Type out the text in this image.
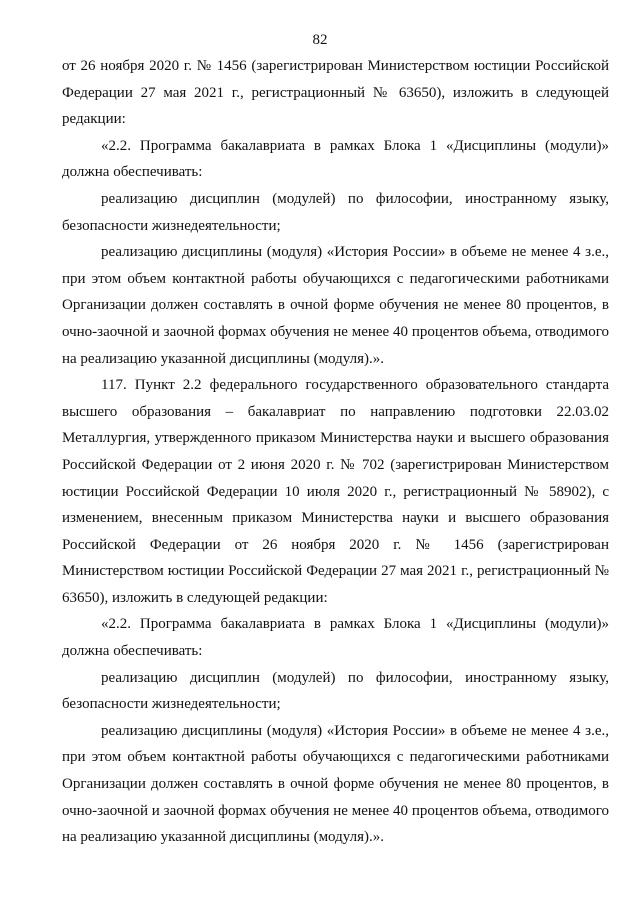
82

от 26 ноября 2020 г. № 1456 (зарегистрирован Министерством юстиции Российской Федерации 27 мая 2021 г., регистрационный № 63650), изложить в следующей редакции:

«2.2. Программа бакалавриата в рамках Блока 1 «Дисциплины (модули)» должна обеспечивать:

реализацию дисциплин (модулей) по философии, иностранному языку, безопасности жизнедеятельности;

реализацию дисциплины (модуля) «История России» в объеме не менее 4 з.е., при этом объем контактной работы обучающихся с педагогическими работниками Организации должен составлять в очной форме обучения не менее 80 процентов, в очно-заочной и заочной формах обучения не менее 40 процентов объема, отводимого на реализацию указанной дисциплины (модуля).».

117. Пункт 2.2 федерального государственного образовательного стандарта высшего образования – бакалавриат по направлению подготовки 22.03.02 Металлургия, утвержденного приказом Министерства науки и высшего образования Российской Федерации от 2 июня 2020 г. № 702 (зарегистрирован Министерством юстиции Российской Федерации 10 июля 2020 г., регистрационный № 58902), с изменением, внесенным приказом Министерства науки и высшего образования Российской Федерации от 26 ноября 2020 г. № 1456 (зарегистрирован Министерством юстиции Российской Федерации 27 мая 2021 г., регистрационный № 63650), изложить в следующей редакции:

«2.2. Программа бакалавриата в рамках Блока 1 «Дисциплины (модули)» должна обеспечивать:

реализацию дисциплин (модулей) по философии, иностранному языку, безопасности жизнедеятельности;

реализацию дисциплины (модуля) «История России» в объеме не менее 4 з.е., при этом объем контактной работы обучающихся с педагогическими работниками Организации должен составлять в очной форме обучения не менее 80 процентов, в очно-заочной и заочной формах обучения не менее 40 процентов объема, отводимого на реализацию указанной дисциплины (модуля).».
